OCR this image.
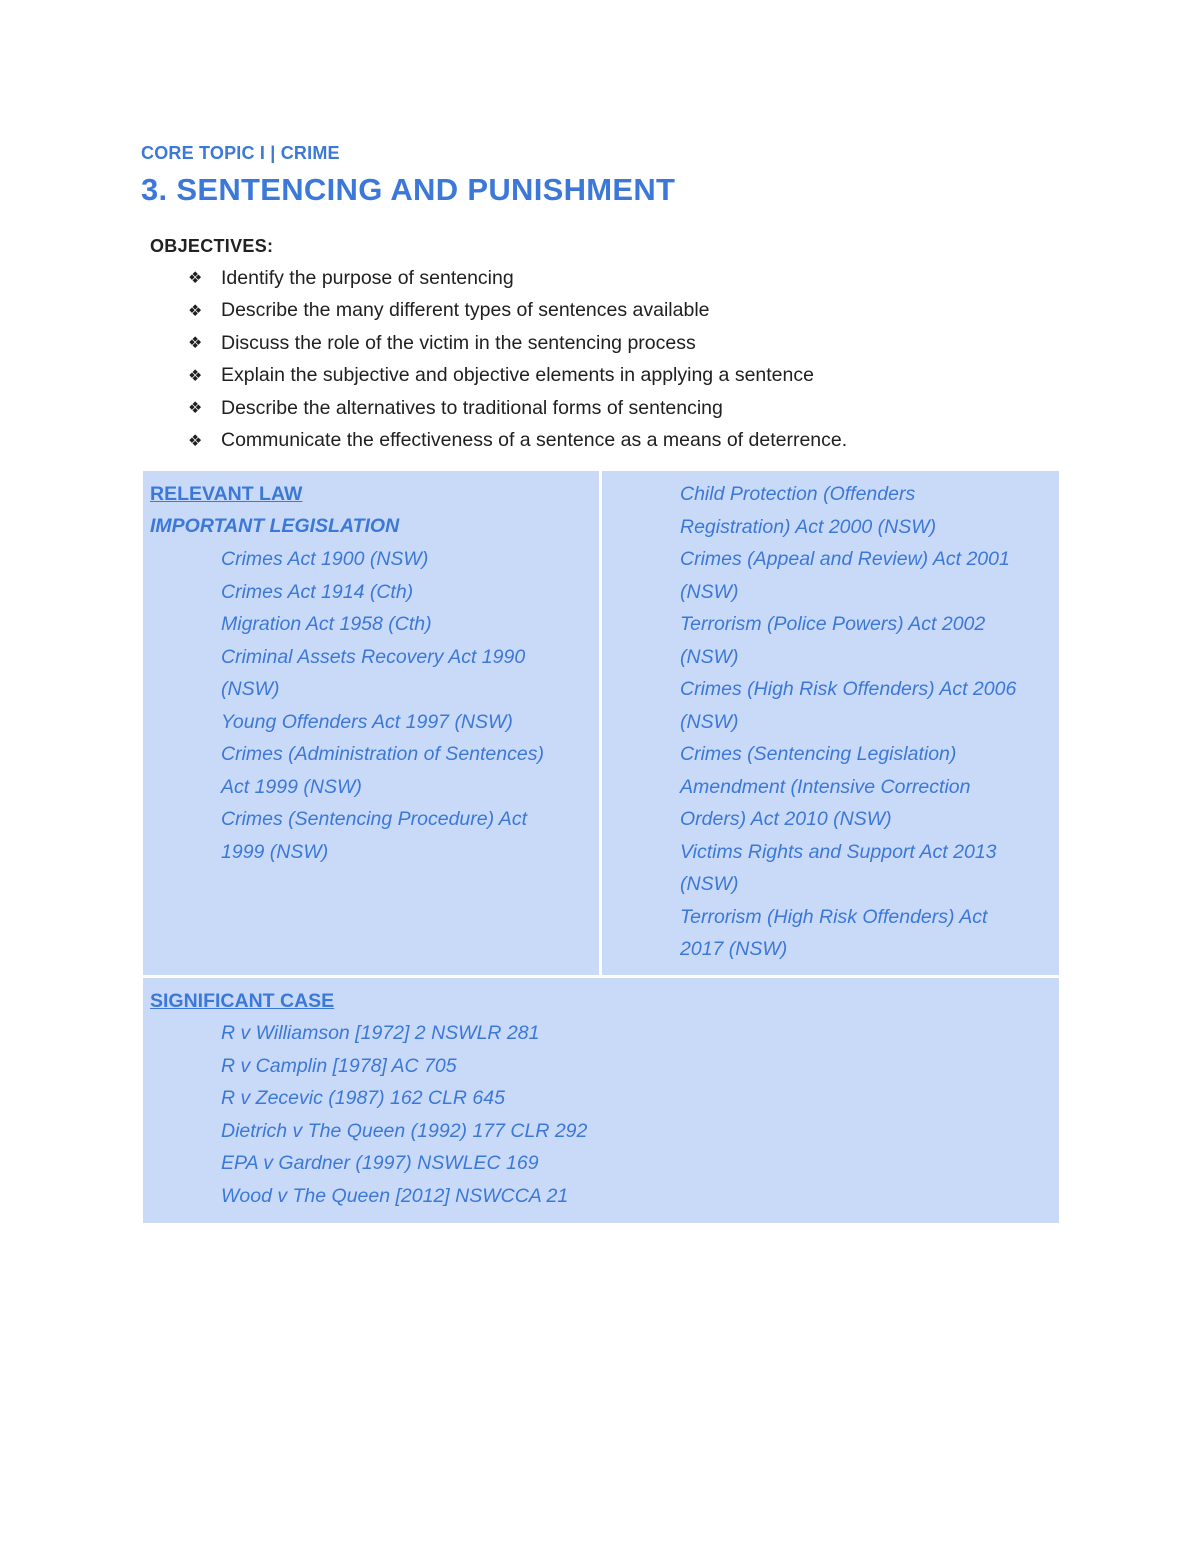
CORE TOPIC I | CRIME
3. SENTENCING AND PUNISHMENT
OBJECTIVES:
❖ Identify the purpose of sentencing
❖ Describe the many different types of sentences available
❖ Discuss the role of the victim in the sentencing process
❖ Explain the subjective and objective elements in applying a sentence
❖ Describe the alternatives to traditional forms of sentencing
❖ Communicate the effectiveness of a sentence as a means of deterrence.
RELEVANT LAW
IMPORTANT LEGISLATION
Crimes Act 1900 (NSW)
Crimes Act 1914 (Cth)
Migration Act 1958 (Cth)
Criminal Assets Recovery Act 1990
(NSW)
Young Offenders Act 1997 (NSW)
Crimes (Administration of Sentences)
Act 1999 (NSW)
Crimes (Sentencing Procedure) Act
1999 (NSW)
Child Protection (Offenders
Registration) Act 2000 (NSW)
Crimes (Appeal and Review) Act 2001
(NSW)
Terrorism (Police Powers) Act 2002
(NSW)
Crimes (High Risk Offenders) Act 2006
(NSW)
Crimes (Sentencing Legislation)
Amendment (Intensive Correction
Orders) Act 2010 (NSW)
Victims Rights and Support Act 2013
(NSW)
Terrorism (High Risk Offenders) Act
2017 (NSW)
SIGNIFICANT CASE
R v Williamson [1972] 2 NSWLR 281
R v Camplin [1978] AC 705
R v Zecevic (1987) 162 CLR 645
Dietrich v The Queen (1992) 177 CLR 292
EPA v Gardner (1997) NSWLEC 169
Wood v The Queen [2012] NSWCCA 21
